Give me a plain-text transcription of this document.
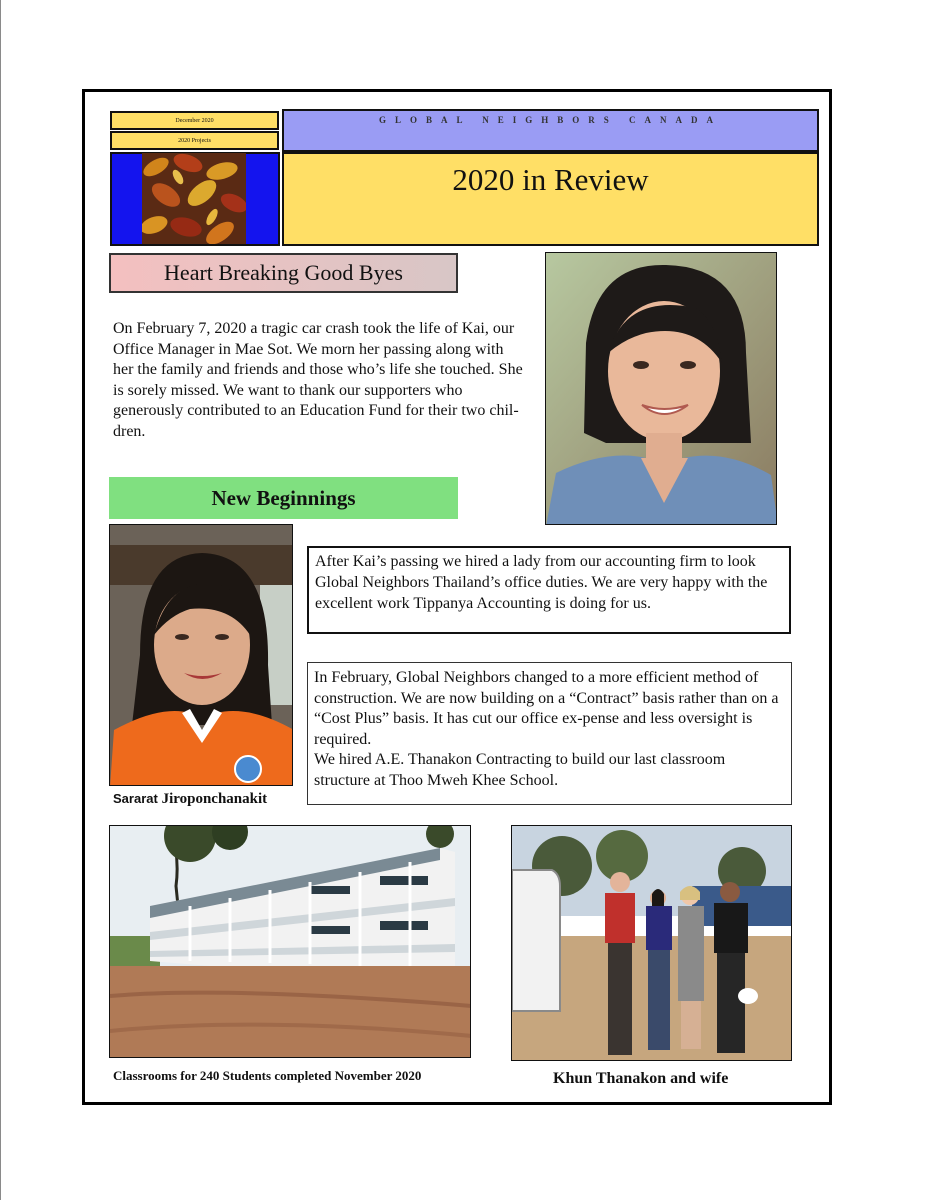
December 2020
2020 Projects
GLOBAL NEIGHBORS CANADA
2020 in Review
Heart Breaking Good Byes
On February 7, 2020 a tragic car crash took the life of Kai, our Office Manager in Mae Sot. We morn her passing along with her the family and friends and those who’s life she touched. She is sorely missed. We want to thank our supporters who generously contributed to an Education Fund for their two chil-dren.
New Beginnings
Sararat Jiroponchanakit
After Kai’s passing we hired a lady from our accounting firm to look Global Neighbors Thailand’s office duties. We are very happy with the excellent work Tippanya Accounting is doing for us.
In February, Global Neighbors changed to a more efficient method of construction. We are now building on a “Contract” basis rather than on a “Cost Plus” basis. It has cut our office ex-pense and less oversight is required.
We hired A.E. Thanakon Contracting to build our last classroom structure at Thoo Mweh Khee School.
Classrooms for 240 Students completed November 2020	Khun Thanakon and wife
